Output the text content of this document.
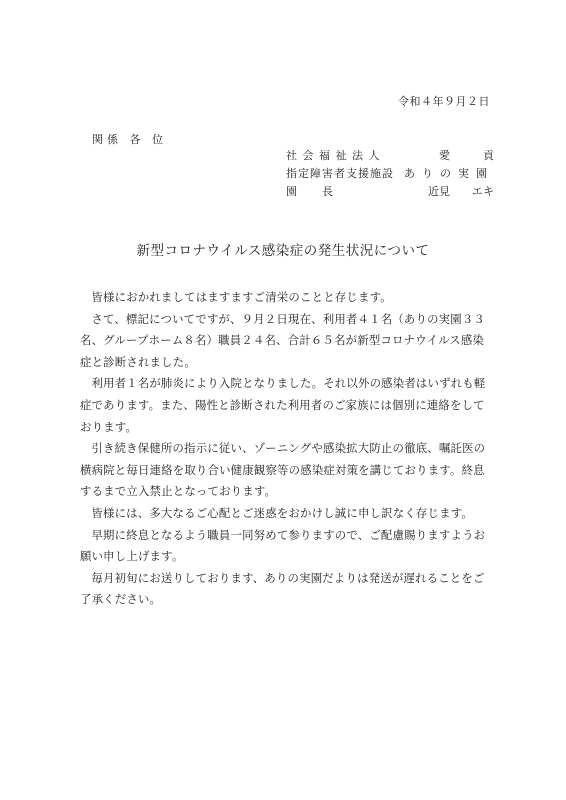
令和４年９月２日
関係 各 位
社 会 福 祉 法 人	愛　　　貢
指定障害者支援施設 ありの実園
園　　長	近見　　エキ
新型コロナウイルス感染症の発生状況について

皆様におかれましてはますますご清栄のことと存じます。

さて、標記についてですが、９月２日現在、利用者４１名（ありの実園３３名、グループホーム８名）職員２４名、合計６５名が新型コロナウイルス感染症と診断されました。

利用者１名が肺炎により入院となりました。それ以外の感染者はいずれも軽症であります。また、陽性と診断された利用者のご家族には個別に連絡をしております。

引き続き保健所の指示に従い、ゾーニングや感染拡大防止の徹底、嘱託医の横病院と毎日連絡を取り合い健康観察等の感染症対策を講じております。終息するまで立入禁止となっております。

皆様には、多大なるご心配とご迷惑をおかけし誠に申し訳なく存じます。

早期に終息となるよう職員一同努めて参りますので、ご配慮賜りますようお願い申し上げます。

毎月初旬にお送りしております、ありの実園だよりは発送が遅れることをご了承ください。
